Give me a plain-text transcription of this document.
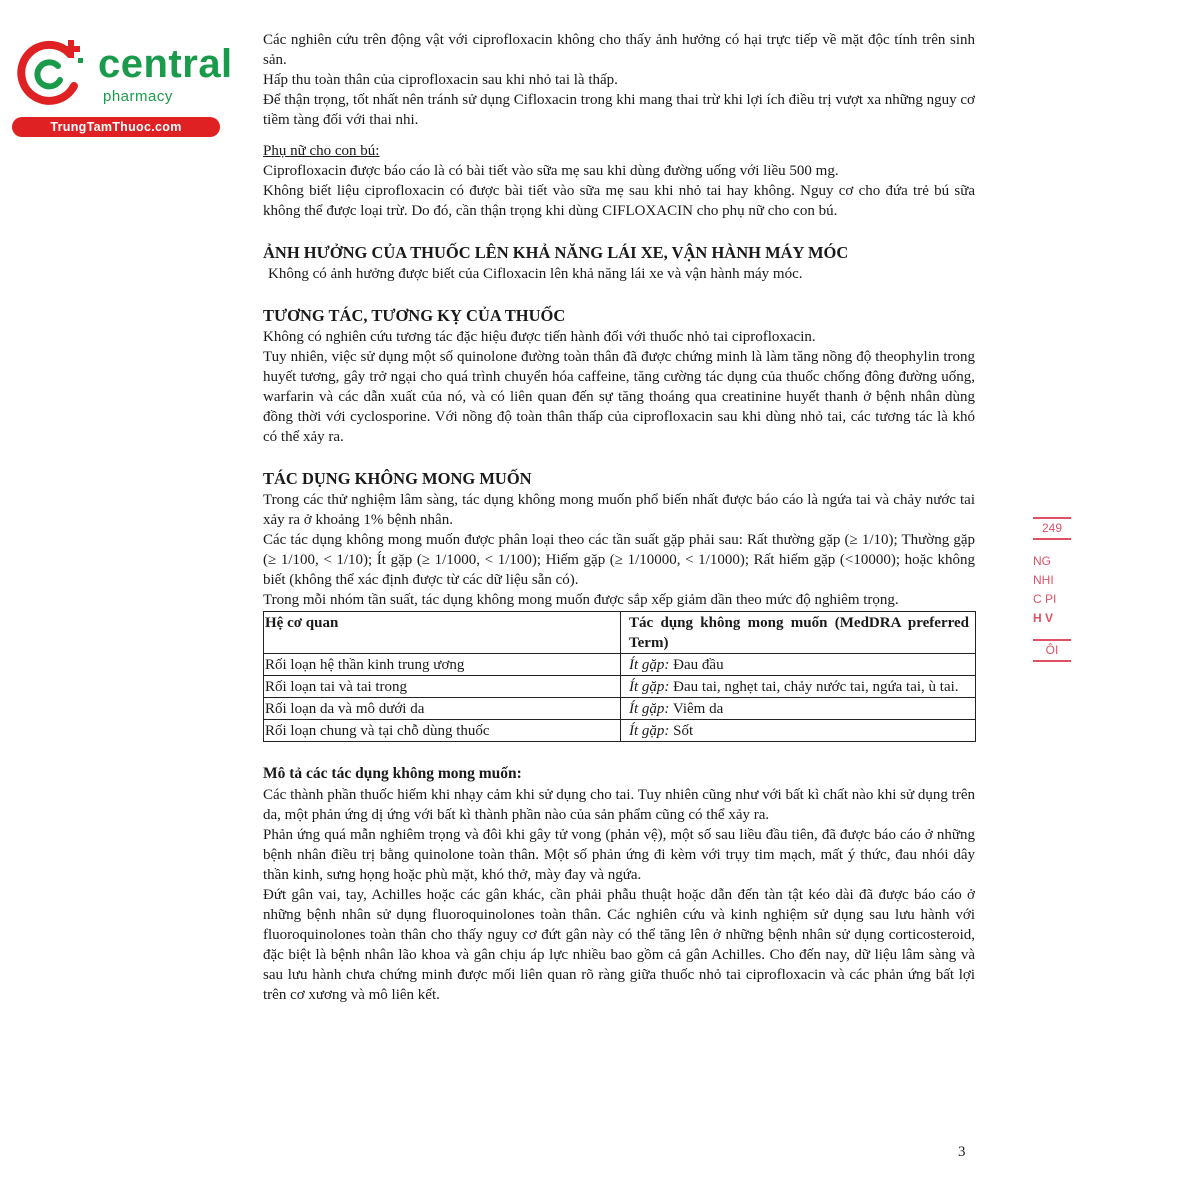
central
pharmacy
TrungTamThuoc.com

Các nghiên cứu trên động vật với ciprofloxacin không cho thấy ảnh hưởng có hại trực tiếp về mặt độc tính trên sinh sản.

Hấp thu toàn thân của ciprofloxacin sau khi nhỏ tai là thấp.

Để thận trọng, tốt nhất nên tránh sử dụng Cifloxacin trong khi mang thai trừ khi lợi ích điều trị vượt xa những nguy cơ tiềm tàng đối với thai nhi.

Phụ nữ cho con bú:

Ciprofloxacin được báo cáo là có bài tiết vào sữa mẹ sau khi dùng đường uống với liều 500 mg.

Không biết liệu ciprofloxacin có được bài tiết vào sữa mẹ sau khi nhỏ tai hay không. Nguy cơ cho đứa trẻ bú sữa không thể được loại trừ. Do đó, cần thận trọng khi dùng CIFLOXACIN cho phụ nữ cho con bú.

ẢNH HƯỞNG CỦA THUỐC LÊN KHẢ NĂNG LÁI XE, VẬN HÀNH MÁY MÓC

Không có ảnh hưởng được biết của Cifloxacin lên khả năng lái xe và vận hành máy móc.

TƯƠNG TÁC, TƯƠNG KỴ CỦA THUỐC

Không có nghiên cứu tương tác đặc hiệu được tiến hành đối với thuốc nhỏ tai ciprofloxacin.

Tuy nhiên, việc sử dụng một số quinolone đường toàn thân đã được chứng minh là làm tăng nồng độ theophylin trong huyết tương, gây trở ngại cho quá trình chuyển hóa caffeine, tăng cường tác dụng của thuốc chống đông đường uống, warfarin và các dẫn xuất của nó, và có liên quan đến sự tăng thoáng qua creatinine huyết thanh ở bệnh nhân dùng đồng thời với cyclosporine. Với nồng độ toàn thân thấp của ciprofloxacin sau khi dùng nhỏ tai, các tương tác là khó có thể xảy ra.

TÁC DỤNG KHÔNG MONG MUỐN

Trong các thử nghiệm lâm sàng, tác dụng không mong muốn phổ biến nhất được báo cáo là ngứa tai và chảy nước tai xảy ra ở khoảng 1% bệnh nhân.

Các tác dụng không mong muốn được phân loại theo các tần suất gặp phải sau: Rất thường gặp (≥ 1/10); Thường gặp (≥ 1/100, < 1/10); Ít gặp (≥ 1/1000, < 1/100); Hiếm gặp (≥ 1/10000, < 1/1000); Rất hiếm gặp (<10000); hoặc không biết (không thể xác định được từ các dữ liệu sẵn có).

Trong mỗi nhóm tần suất, tác dụng không mong muốn được sắp xếp giảm dần theo mức độ nghiêm trọng.

Hệ cơ quan	Tác dụng không mong muốn (MedDRA preferred Term)
Rối loạn hệ thần kinh trung ương	Ít gặp: Đau đầu
Rối loạn tai và tai trong	Ít gặp: Đau tai, nghẹt tai, chảy nước tai, ngứa tai, ù tai.
Rối loạn da và mô dưới da	Ít gặp: Viêm da
Rối loạn chung và tại chỗ dùng thuốc	Ít gặp: Sốt
Mô tả các tác dụng không mong muốn:

Các thành phần thuốc hiếm khi nhạy cảm khi sử dụng cho tai. Tuy nhiên cũng như với bất kì chất nào khi sử dụng trên da, một phản ứng dị ứng với bất kì thành phần nào của sản phẩm cũng có thể xảy ra.

Phản ứng quá mẫn nghiêm trọng và đôi khi gây tử vong (phản vệ), một số sau liều đầu tiên, đã được báo cáo ở những bệnh nhân điều trị bằng quinolone toàn thân. Một số phản ứng đi kèm với trụy tim mạch, mất ý thức, đau nhói dây thần kinh, sưng họng hoặc phù mặt, khó thở, mày đay và ngứa.

Đứt gân vai, tay, Achilles hoặc các gân khác, cần phải phẫu thuật hoặc dẫn đến tàn tật kéo dài đã được báo cáo ở những bệnh nhân sử dụng fluoroquinolones toàn thân. Các nghiên cứu và kinh nghiệm sử dụng sau lưu hành với fluoroquinolones toàn thân cho thấy nguy cơ đứt gân này có thể tăng lên ở những bệnh nhân sử dụng corticosteroid, đặc biệt là bệnh nhân lão khoa và gân chịu áp lực nhiều bao gồm cả gân Achilles. Cho đến nay, dữ liệu lâm sàng và sau lưu hành chưa chứng minh được mối liên quan rõ ràng giữa thuốc nhỏ tai ciprofloxacin và các phản ứng bất lợi trên cơ xương và mô liên kết.

3
249
NG
NHI
C PI
H V
ÔI
